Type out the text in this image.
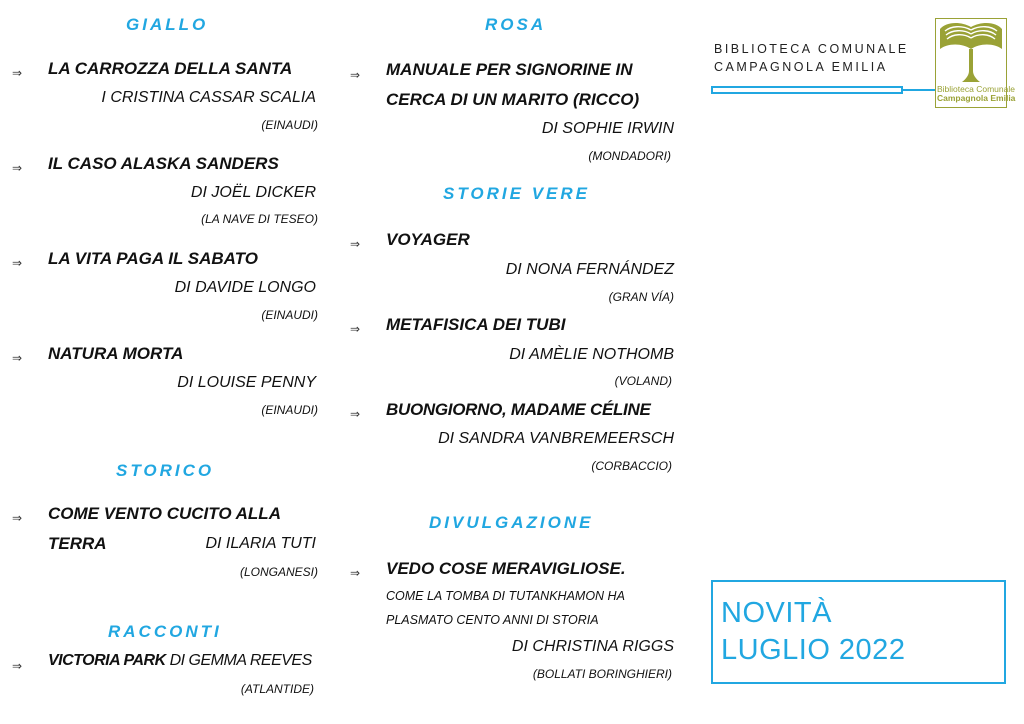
GIALLO
⇒ LA CARROZZA DELLA SANTA
I CRISTINA CASSAR SCALIA
(EINAUDI)
⇒ IL CASO ALASKA SANDERS
DI JOËL DICKER
(LA NAVE DI TESEO)
⇒ LA VITA PAGA IL SABATO
DI DAVIDE LONGO
(EINAUDI)
⇒ NATURA MORTA
DI LOUISE PENNY
(EINAUDI)
STORICO
⇒ COME VENTO CUCITO ALLA
TERRA	DI ILARIA TUTI
(LONGANESI)
RACCONTI
⇒ VICTORIA PARK DI GEMMA REEVES
(ATLANTIDE)
ROSA
⇒ MANUALE PER SIGNORINE IN
CERCA DI UN MARITO (RICCO)
DI SOPHIE IRWIN
(MONDADORI)
STORIE VERE
⇒ VOYAGER
DI NONA FERNÁNDEZ
(GRAN VÍA)
⇒ METAFISICA DEI TUBI
DI AMÈLIE NOTHOMB
(VOLAND)
⇒ BUONGIORNO, MADAME CÉLINE
DI SANDRA VANBREMEERSCH
(CORBACCIO)
DIVULGAZIONE
⇒ VEDO COSE MERAVIGLIOSE.
COME LA TOMBA DI TUTANKHAMON HA
PLASMATO CENTO ANNI DI STORIA
DI CHRISTINA RIGGS
(BOLLATI BORINGHIERI)
BIBLIOTECA COMUNALE
CAMPAGNOLA EMILIA
Biblioteca Comunale
Campagnola Emilia
NOVITÀ
LUGLIO 2022
